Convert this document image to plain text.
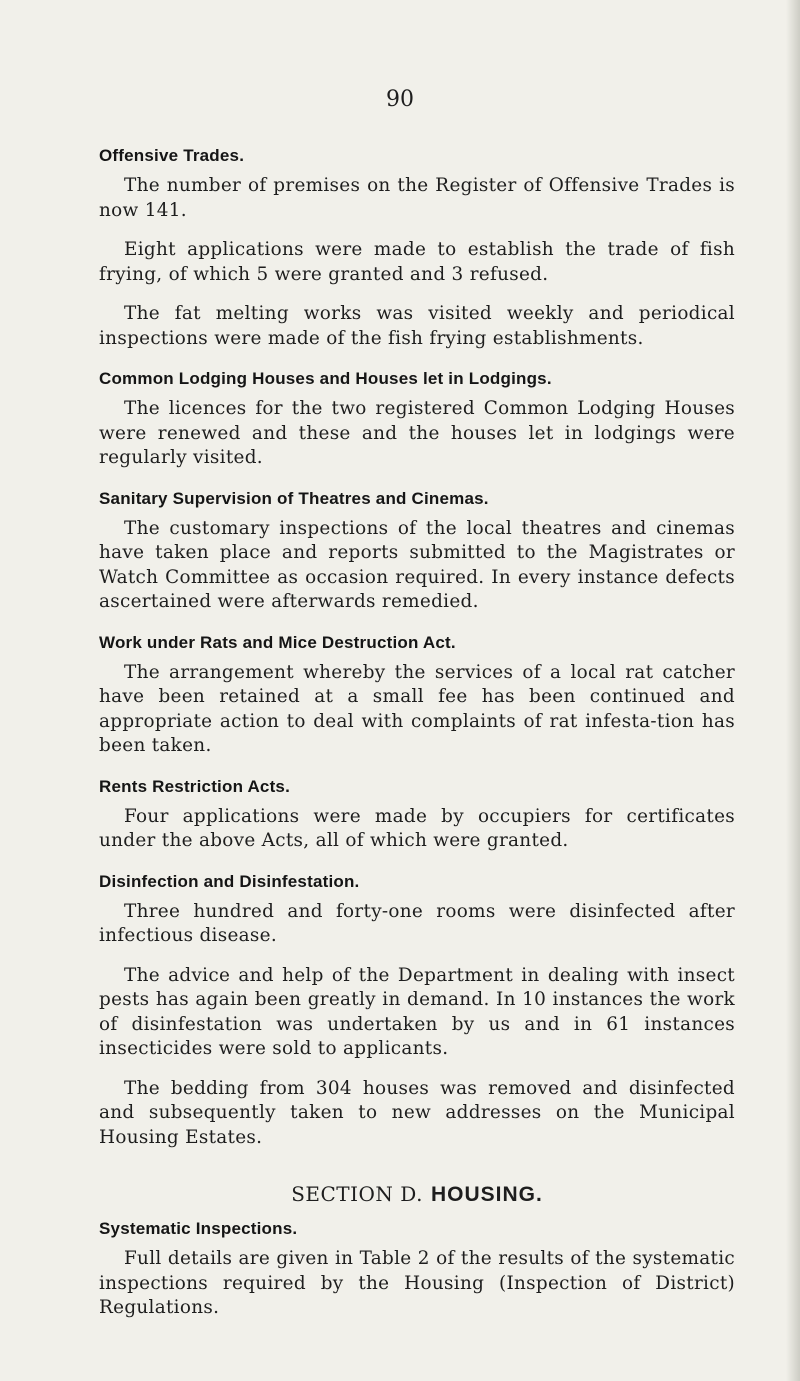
90
Offensive Trades.

The number of premises on the Register of Offensive Trades is now 141.

Eight applications were made to establish the trade of fish frying, of which 5 were granted and 3 refused.

The fat melting works was visited weekly and periodical inspections were made of the fish frying establishments.

Common Lodging Houses and Houses let in Lodgings.

The licences for the two registered Common Lodging Houses were renewed and these and the houses let in lodgings were regularly visited.

Sanitary Supervision of Theatres and Cinemas.

The customary inspections of the local theatres and cinemas have taken place and reports submitted to the Magistrates or Watch Committee as occasion required. In every instance defects ascertained were afterwards remedied.

Work under Rats and Mice Destruction Act.

The arrangement whereby the services of a local rat catcher have been retained at a small fee has been continued and appropriate action to deal with complaints of rat infesta-tion has been taken.

Rents Restriction Acts.

Four applications were made by occupiers for certificates under the above Acts, all of which were granted.

Disinfection and Disinfestation.

Three hundred and forty-one rooms were disinfected after infectious disease.

The advice and help of the Department in dealing with insect pests has again been greatly in demand. In 10 instances the work of disinfestation was undertaken by us and in 61 instances insecticides were sold to applicants.

The bedding from 304 houses was removed and disinfected and subsequently taken to new addresses on the Municipal Housing Estates.

SECTION D. HOUSING.
Systematic Inspections.

Full details are given in Table 2 of the results of the systematic inspections required by the Housing (Inspection of District) Regulations.
